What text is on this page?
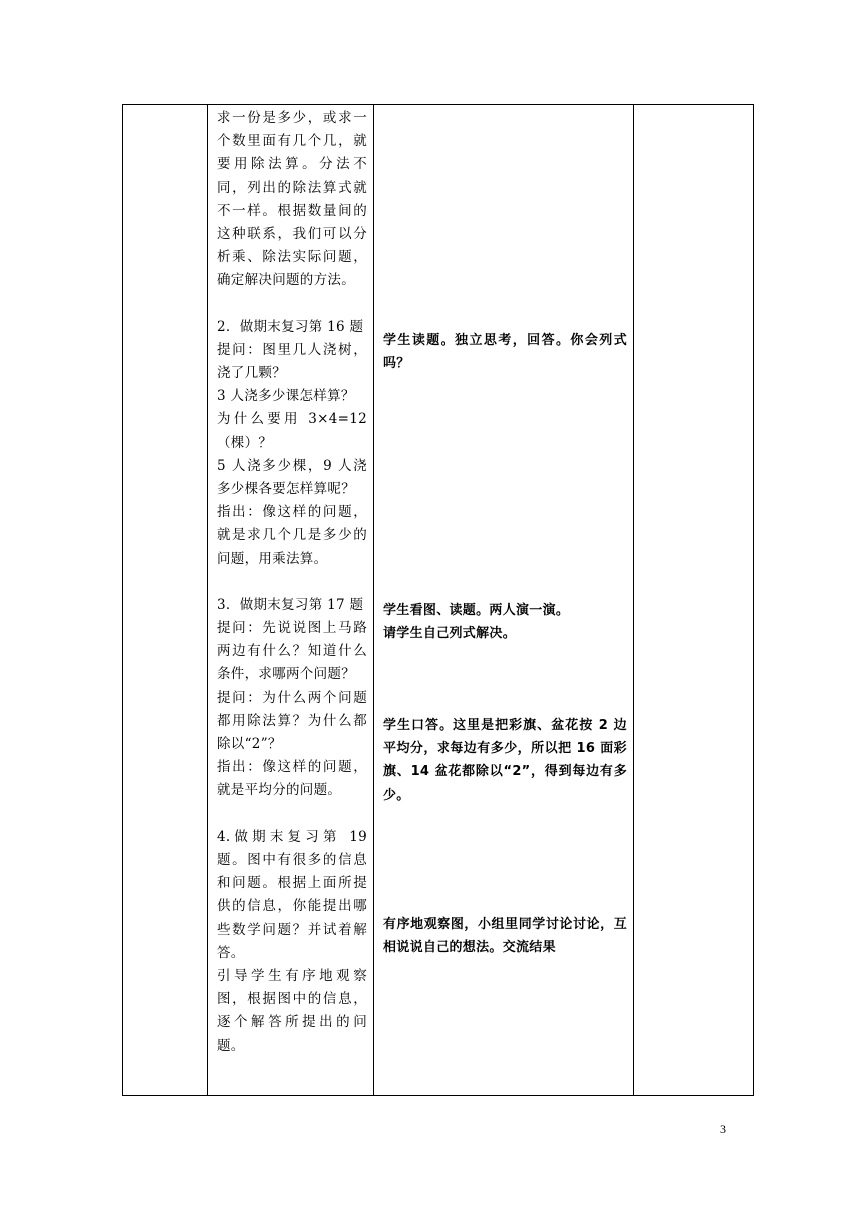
求一份是多少，或求一个数里面有几个几，就要用除法算。分法不同，列出的除法算式就不一样。根据数量间的这种联系，我们可以分析乘、除法实际问题，确定解决问题的方法。

2．做期末复习第 16 题

提问：图里几人浇树，浇了几颗？

3 人浇多少课怎样算？

为什么要用 3×4=12（棵）？

5 人浇多少棵，9 人浇多少棵各要怎样算呢？

指出：像这样的问题，就是求几个几是多少的问题，用乘法算。

3．做期末复习第 17 题

提问：先说说图上马路两边有什么？知道什么条件，求哪两个问题？

提问：为什么两个问题都用除法算？为什么都除以“2”？

指出：像这样的问题，就是平均分的问题。

4.做期末复习第 19 题。图中有很多的信息和问题。根据上面所提供的信息，你能提出哪些数学问题？并试着解答。

引导学生有序地观察图，根据图中的信息，逐个解答所提出的问题。

学生读题。独立思考，回答。你会列式吗？

学生看图、读题。两人演一演。

请学生自己列式解决。

学生口答。这里是把彩旗、盆花按 2 边平均分，求每边有多少，所以把 16 面彩旗、14 盆花都除以“2”，得到每边有多少。

有序地观察图，小组里同学讨论讨论，互相说说自己的想法。交流结果

3
